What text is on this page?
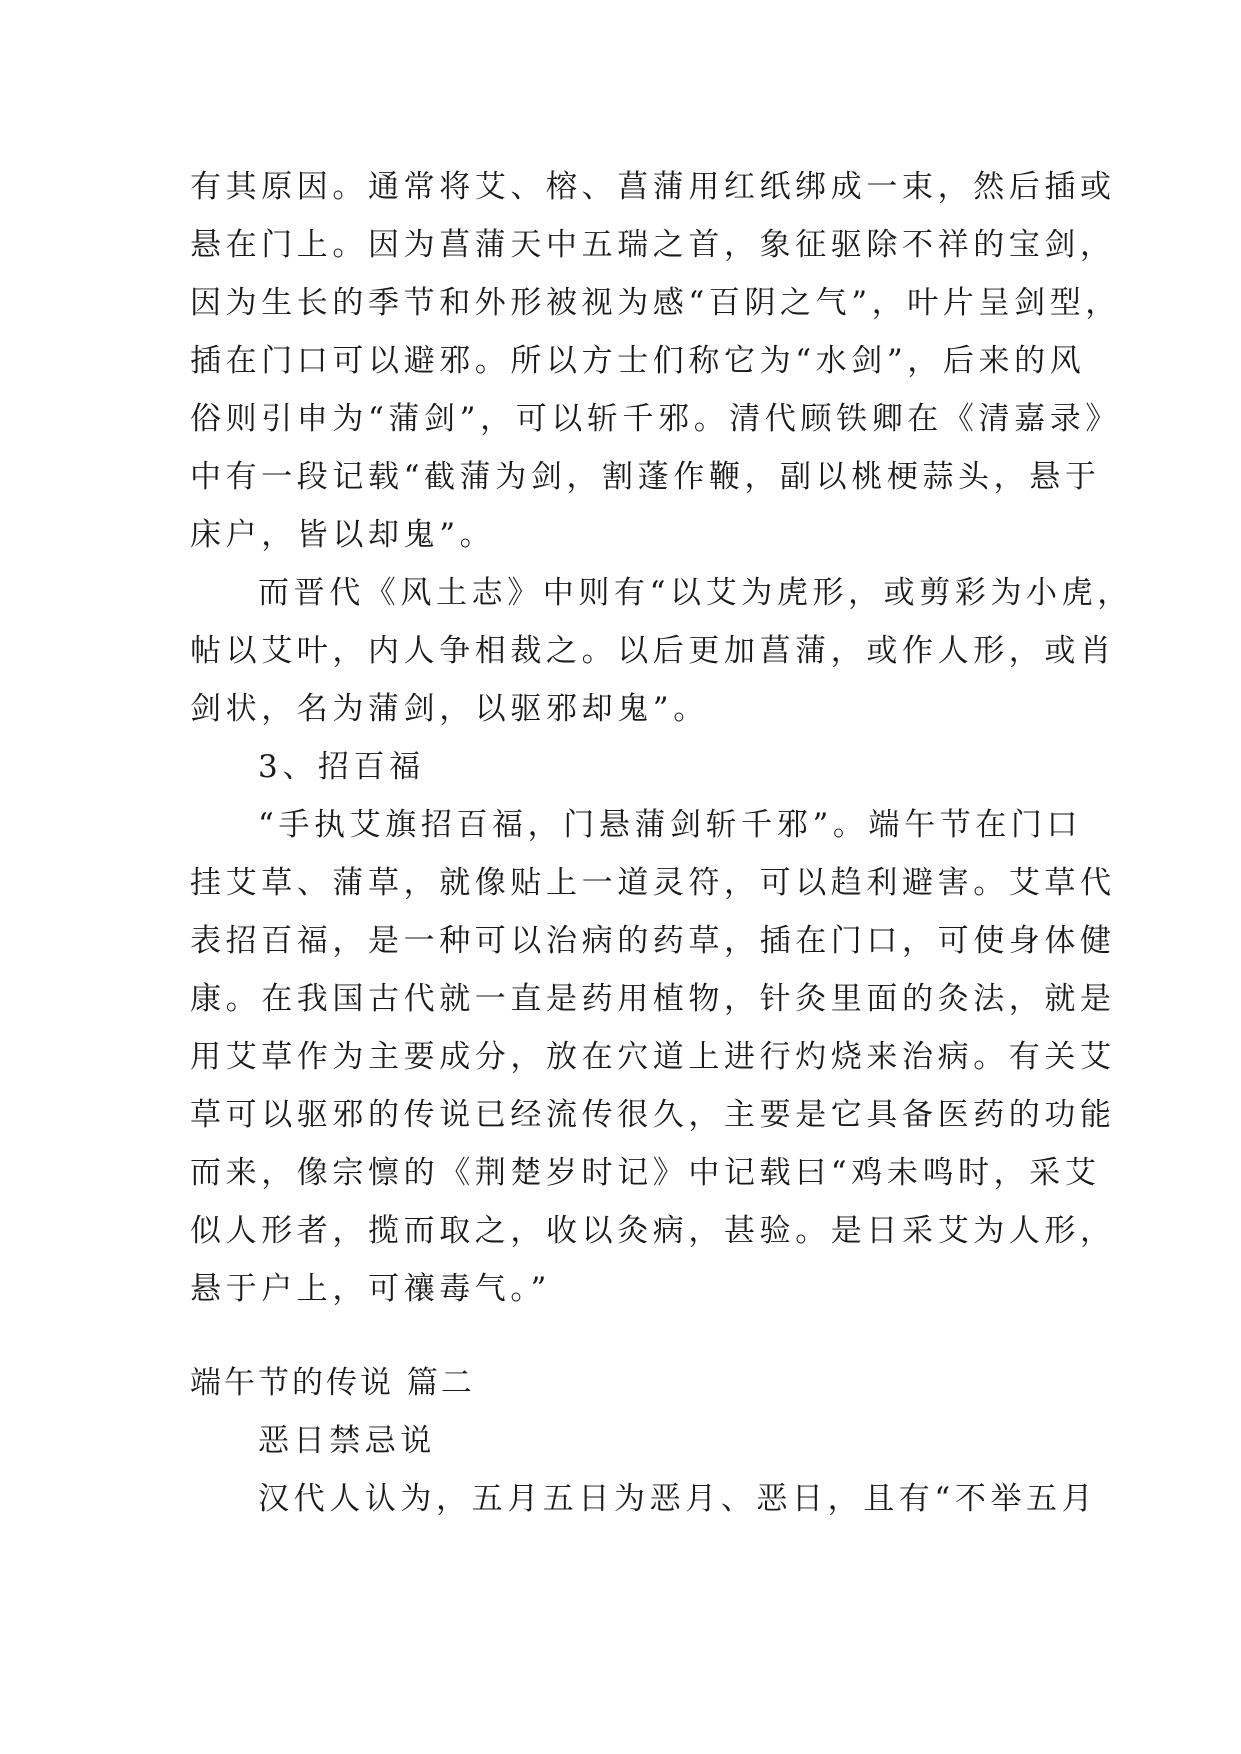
有其原因。通常将艾、榕、菖蒲用红纸绑成一束，然后插或
悬在门上。因为菖蒲天中五瑞之首，象征驱除不祥的宝剑，
因为生长的季节和外形被视为感“百阴之气”，叶片呈剑型，
插在门口可以避邪。所以方士们称它为“水剑”，后来的风
俗则引申为“蒲剑”，可以斩千邪。清代顾铁卿在《清嘉录》
中有一段记载“截蒲为剑，割蓬作鞭，副以桃梗蒜头，悬于
床户，皆以却鬼”。
而晋代《风土志》中则有“以艾为虎形，或剪彩为小虎，
帖以艾叶，内人争相裁之。以后更加菖蒲，或作人形，或肖
剑状，名为蒲剑，以驱邪却鬼”。
3、招百福
“手执艾旗招百福，门悬蒲剑斩千邪”。端午节在门口
挂艾草、蒲草，就像贴上一道灵符，可以趋利避害。艾草代
表招百福，是一种可以治病的药草，插在门口，可使身体健
康。在我国古代就一直是药用植物，针灸里面的灸法，就是
用艾草作为主要成分，放在穴道上进行灼烧来治病。有关艾
草可以驱邪的传说已经流传很久，主要是它具备医药的功能
而来，像宗懔的《荆楚岁时记》中记载曰“鸡未鸣时，采艾
似人形者，揽而取之，收以灸病，甚验。是日采艾为人形，
悬于户上，可禳毒气。”
端午节的传说 篇二
恶日禁忌说
汉代人认为，五月五日为恶月、恶日，且有“不举五月
